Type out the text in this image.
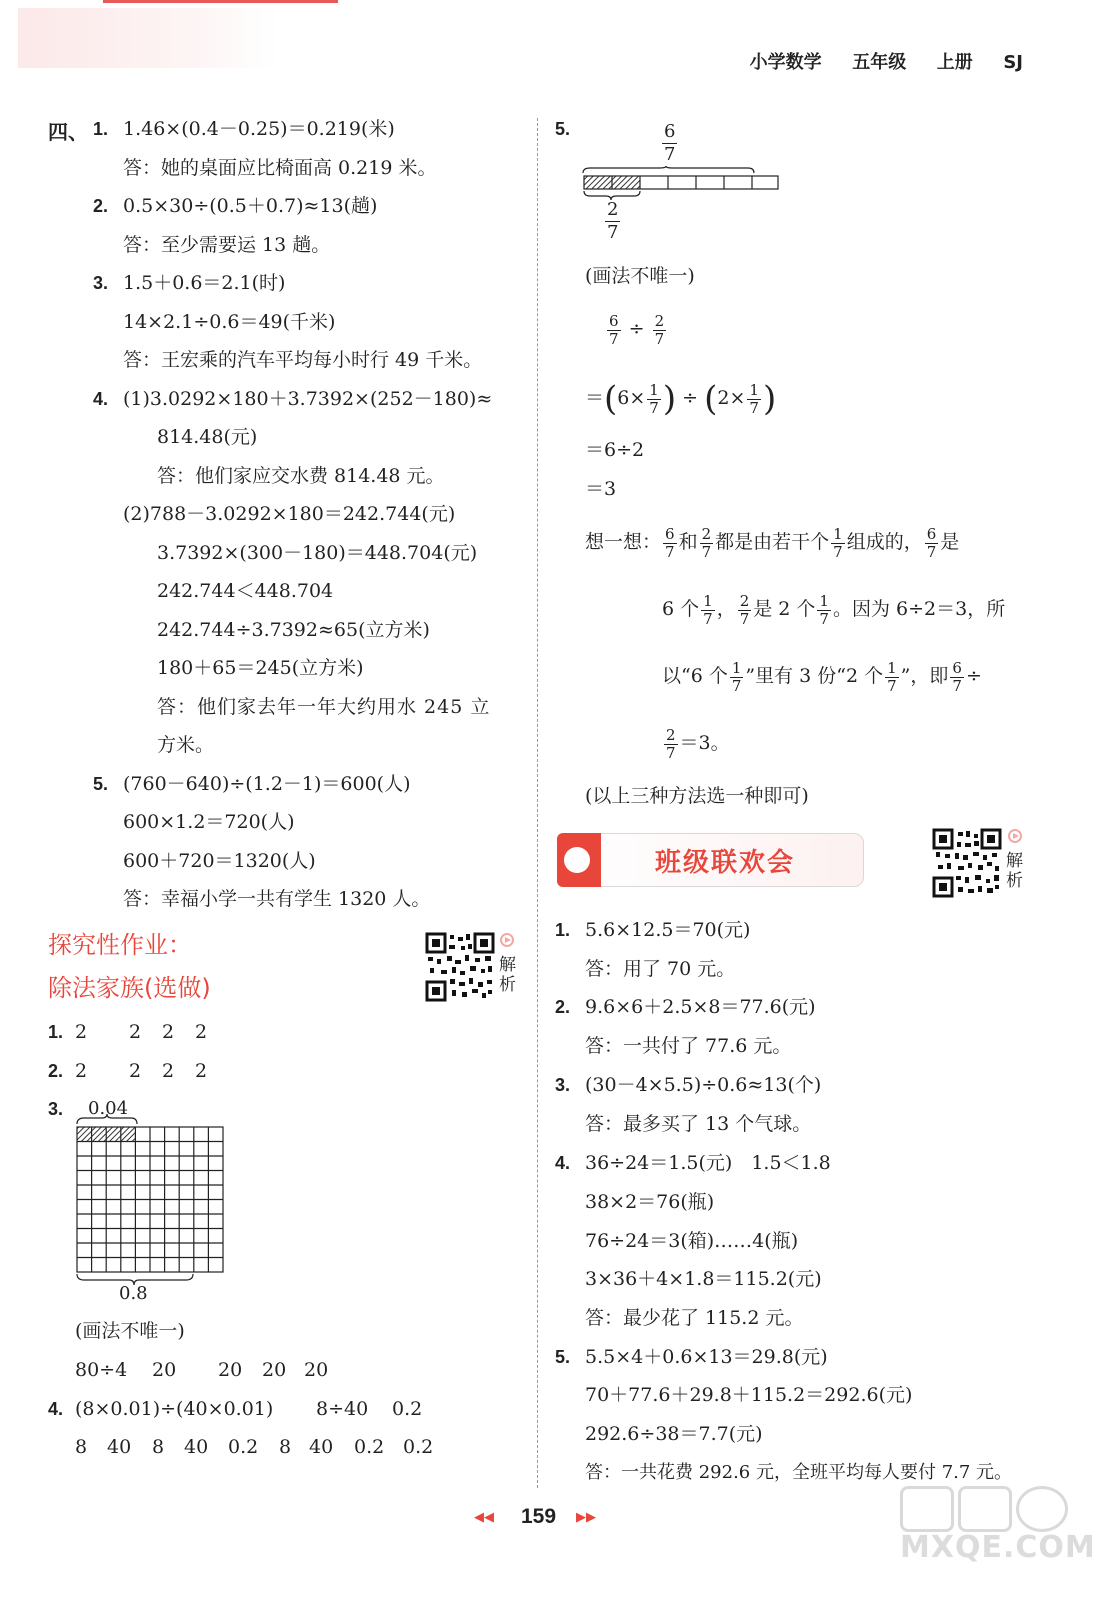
小学数学 五年级 上册 SJ
四、 1. 1.46×(0.4－0.25)＝0.219(米)
答：她的桌面应比椅面高 0.219 米。
2. 0.5×30÷(0.5＋0.7)≈13(趟)
答：至少需要运 13 趟。
3. 1.5＋0.6＝2.1(时)
14×2.1÷0.6＝49(千米)
答：王宏乘的汽车平均每小时行 49 千米。
4. (1)3.0292×180＋3.7392×(252－180)≈
814.48(元)
答：他们家应交水费 814.48 元。
(2)788－3.0292×180＝242.744(元)
3.7392×(300－180)＝448.704(元)
242.744＜448.704
242.744÷3.7392≈65(立方米)
180＋65＝245(立方米)
答：他们家去年一年大约用水 245 立
方米。
5. (760－640)÷(1.2－1)＝600(人)
600×1.2＝720(人)
600＋720＝1320(人)
答：幸福小学一共有学生 1320 人。
探究性作业：
除法家族(选做)
解析
1. 2 2 2 2
2. 2 2 2 2
3. 0.04
0.8
(画法不唯一)
80÷4 20 20 20 20
4. (8×0.01)÷(40×0.01) 8÷40 0.2
8 40 8 40 0.2 8 40 0.2 0.2
5.	$\frac{6}{7}$
$\frac{2}{7}$
(画法不唯一)
$\frac{6}{7} \div \frac{2}{7}$
$=(6\times \frac{1}{7}$ ) ÷ ($2\times \frac{1}{7}$ )
＝6÷2
＝3
想一想： $\frac{6}{7}$ 和 $\frac{2}{7}$ 都是由若干个 $\frac{1}{7}$ 组成的， $\frac{6}{7}$ 是
6 个 $\frac{1}{7}$ ， $\frac{2}{7}$ 是 2 个 $\frac{1}{7}$ 。因为 6÷2＝3，所
以“6 个 $\frac{1}{7}$ ”里有 3 份“2 个 $\frac{1}{7}$ ”，即 $\frac{6}{7}$ ÷
$\frac{2}{7} =3$。
(以上三种方法选一种即可)
班级联欢会	解析
1. 5.6×12.5＝70(元)
答：用了 70 元。
2. 9.6×6＋2.5×8＝77.6(元)
答：一共付了 77.6 元。
3. (30－4×5.5)÷0.6≈13(个)
答：最多买了 13 个气球。
4. 36÷24＝1.5(元)　1.5＜1.8
38×2＝76(瓶)
76÷24＝3(箱)……4(瓶)
3×36＋4×1.8＝115.2(元)
答：最少花了 115.2 元。
5. 5.5×4＋0.6×13＝29.8(元)
70＋77.6＋29.8＋115.2＝292.6(元)
292.6÷38＝7.7(元)
答：一共花费 292.6 元，全班平均每人要付 7.7 元。
◀◀ 159 ▶▶
MXQE.COM
